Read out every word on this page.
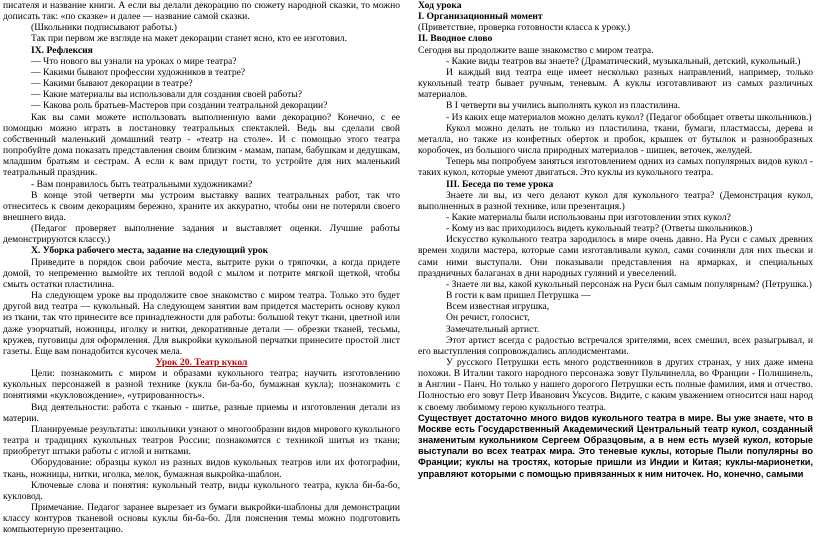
писателя и название книги. А если вы делали декорацию по сюжету народной сказки, то можно дописать так: «по сказке» и далее — название самой сказки.

(Школьники подписывают работы.)

Так при первом же взгляде на макет декорации станет ясно, кто ее изготовил.

IX. Рефлексия

— Что нового вы узнали на уроках о мире театра?

— Какими бывают профессии художников в театре?

— Какими бывают декорации в театре?

— Какие материалы вы использовали для создания своей работы?

— Какова роль братьев-Мастеров при создании театральной декорации?

Как вы сами можете использовать выполненную вами декорацию? Конечно, с ее помощью можно играть в постановку театральных спектаклей. Ведь вы сделали свой собственный маленький домашний театр - «театр на столе». И с помощью этого театра попробуйте дома показать представления своим близким - мамам, папам, бабушкам и дедушкам, младшим братьям и сестрам. А если к вам придут гости, то устройте для них маленький театральный праздник.

- Вам понравилось быть театральными художниками?

В конце этой четверти мы устроим выставку ваших театральных работ, так что отнеситесь к своим декорациям бережно, храните их аккуратно, чтобы они не потеряли своего внешнего вида.

(Педагог проверяет выполнение задания и выставляет оценки. Лучшие работы демонстрируются классу.)

X. Уборка рабочего места, задание на следующий урок

Приведите в порядок свои рабочие места, вытрите руки о тряпочки, а когда придете домой, то непременно вымойте их теплой водой с мылом и потрите мягкой щеткой, чтобы смыть остатки пластилина.

На следующем уроке вы продолжите свое знакомство с миром театра. Только это будет другой вид театра — кукольный. На следующем занятии вам придется мастерить основу кукол из ткани, так что принесите все принадлежности для работы: большой текут ткани, цветной или даже узорчатый, ножницы, иголку и нитки, декоративные детали — обрезки тканей, тесьмы, кружев, пуговицы для оформления. Для выкройки кукольной перчатки принесите простой лист газеты. Еще вам понадобится кусочек мела.

Урок 20. Театр кукол

Цели: познакомить с миром и образами кукольного театра; научить изготовлению кукольных персонажей в разной технике (кукла би-ба-бо, бумажная кукла); познакомить с понятиями «кукловождение», «утрированность».

Вид деятельности: работа с тканью - шитье, разные приемы и изготовления детали из материи.

Планируемые результаты: школьники узнают о многообразии видов мирового кукольного театра и традициях кукольных театров России; познакомятся с техникой шитья из ткани; приобретут штыки работы с иглой и нитками.

Оборудование: образцы кукол из разных видов кукольных театров или их фотографии, ткань, ножницы, нитки, иголка, мелок, бумажная выкройка-шаблон.

Ключевые слова и понятия: кукольный театр, виды кукольного театра, кукла би-ба-бо, кукловод.

Примечание. Педагог заранее вырезает из бумаги выкройки-шаблоны для демонстрации классу контуров тканевой основы куклы би-ба-бо. Для пояснения темы можно подготовить компьютерную презентацию.

Ход урока

I. Организационный момент

(Приветствие, проверка готовности класса к уроку.)

II. Вводное слово

Сегодня вы продолжите ваше знакомство с миром театра.

- Какие виды театров вы знаете? (Драматический, музыкальный, детский, кукольный.)

И каждый вид театра еще имеет несколько разных направлений, например, только кукольный театр бывает ручным, теневым. А куклы изготавливают из самых различных материалов.

В I четверти вы учились выполнять кукол из пластилина.

- Из каких еще материалов можно делать кукол? (Педагог обобщает ответы школьников.)

Кукол можно делать не только из пластилина, ткани, бумаги, пластмассы, дерева и металла, но также из конфетных оберток и пробок, крышек от бутылок и разнообразных коробочек, из большого числа природных материалов - шишек, веточек, желудей.

Теперь мы попробуем заняться изготовлением одних из самых популярных видов кукол - таких кукол, которые умеют двигаться. Это куклы из кукольного театра.

III. Беседа по теме урока

Знаете ли вы, из чего делают кукол для кукольного театра? (Демонстрация кукол, выполненных в разной технике, или презентация.)

- Какие материалы были использованы при изготовлении этих кукол?

- Кому из вас приходилось видеть кукольный театр? (Ответы школьников.)

Искусство кукольного театра зародилось в мире очень давно. На Руси с самых древних времен ходили мастера, которые сами изготавливали кукол, сами сочиняли для них пьески и сами ними выступали. Они показывали представления на ярмарках, и специальных праздничных балаганах в дни народных гуляний и увеселений.

- Знаете ли вы, какой кукольный персонаж на Руси был самым популярным? (Петрушка.)

В гости к вам пришел Петрушка —

Всем известная игрушка,

Он речист, голосист,

Замечательный артист.

Этот артист всегда с радостью встречался зрителями, всех смешил, всех разыгрывал, и его выступления сопровождались аплодисментами.

У русского Петрушки есть много родственников в других странах, у них даже имена похожи. В Италии такого народного персонажа зовут Пульчинелла, во Франции - Полишинель, в Англии - Панч. Но только у нашего дорогого Петрушки есть полные фамилия, имя и отчество. Полностью его зовут Петр Иванович Уксусов. Видите, с каким уважением относится наш народ к своему любимому герою кукольного театра.

Существует достаточно много видов кукольного театра в мире. Вы уже знаете, что в Москве есть Государственный Академический Центральный театр кукол, созданный знаменитым кукольником Сергеем Образцовым, а в нем есть музей кукол, которые выступали во всех театрах мира. Это теневые куклы, которые Пыли популярны во Франции; куклы на тростях, которые пришли из Индии и Китая; куклы-марионетки, управляют которыми с помощью привязанных к ним ниточек. Но, конечно, самыми
